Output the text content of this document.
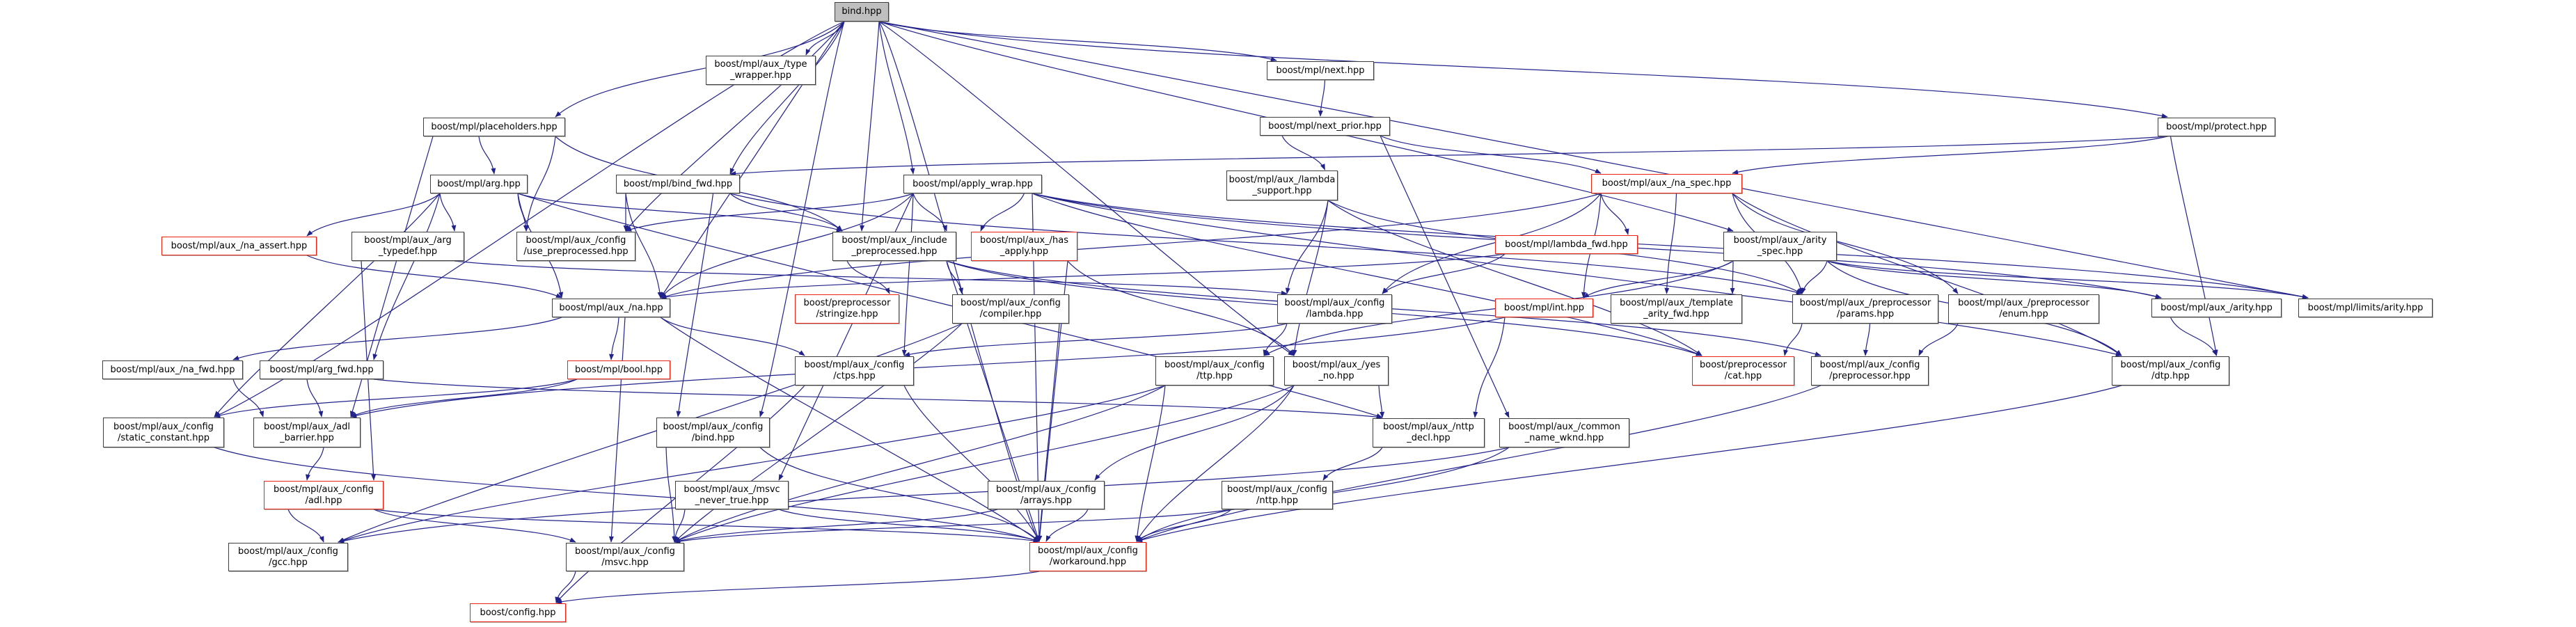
bind.hpp
boost/mpl/aux_/type
_wrapper.hpp	boost/mpl/next.hpp
boost/mpl/placeholders.hpp	boost/mpl/next_prior.hpp	boost/mpl/protect.hpp
boost/mpl/arg.hpp	boost/mpl/bind_fwd.hpp	boost/mpl/apply_wrap.hpp	boost/mpl/aux_/lambda
_support.hpp
boost/mpl/aux_/na_spec.hpp
boost/mpl/aux_/na_assert.hpp	boost/mpl/aux_/arg
_typedef.hpp
boost/mpl/aux_/config
/use_preprocessed.hpp
boost/mpl/aux_/include
_preprocessed.hpp
boost/mpl/aux_/has
_apply.hpp
boost/mpl/lambda_fwd.hpp	boost/mpl/aux_/arity
_spec.hpp
boost/mpl/aux_/na.hpp	boost/preprocessor
/stringize.hpp
boost/mpl/aux_/config
/compiler.hpp
boost/mpl/aux_/config
/lambda.hpp
boost/mpl/int.hpp	boost/mpl/aux_/template
_arity_fwd.hpp
boost/mpl/aux_/preprocessor
/params.hpp
boost/mpl/aux_/preprocessor
/enum.hpp
boost/mpl/aux_/arity.hpp	boost/mpl/limits/arity.hpp
boost/mpl/aux_/na_fwd.hpp	boost/mpl/arg_fwd.hpp	boost/mpl/bool.hpp	boost/mpl/aux_/config
/ctps.hpp
boost/mpl/aux_/config
/ttp.hpp
boost/mpl/aux_/yes
_no.hpp
boost/preprocessor
/cat.hpp
boost/mpl/aux_/config
/preprocessor.hpp
boost/mpl/aux_/config
/dtp.hpp
boost/mpl/aux_/config
/static_constant.hpp
boost/mpl/aux_/adl
_barrier.hpp
boost/mpl/aux_/config
/bind.hpp
boost/mpl/aux_/nttp
_decl.hpp
boost/mpl/aux_/common
_name_wknd.hpp
boost/mpl/aux_/config
/adl.hpp
boost/mpl/aux_/msvc
_never_true.hpp
boost/mpl/aux_/config
/arrays.hpp
boost/mpl/aux_/config
/nttp.hpp
boost/mpl/aux_/config
/gcc.hpp
boost/mpl/aux_/config
/msvc.hpp
boost/mpl/aux_/config
/workaround.hpp
boost/config.hpp
